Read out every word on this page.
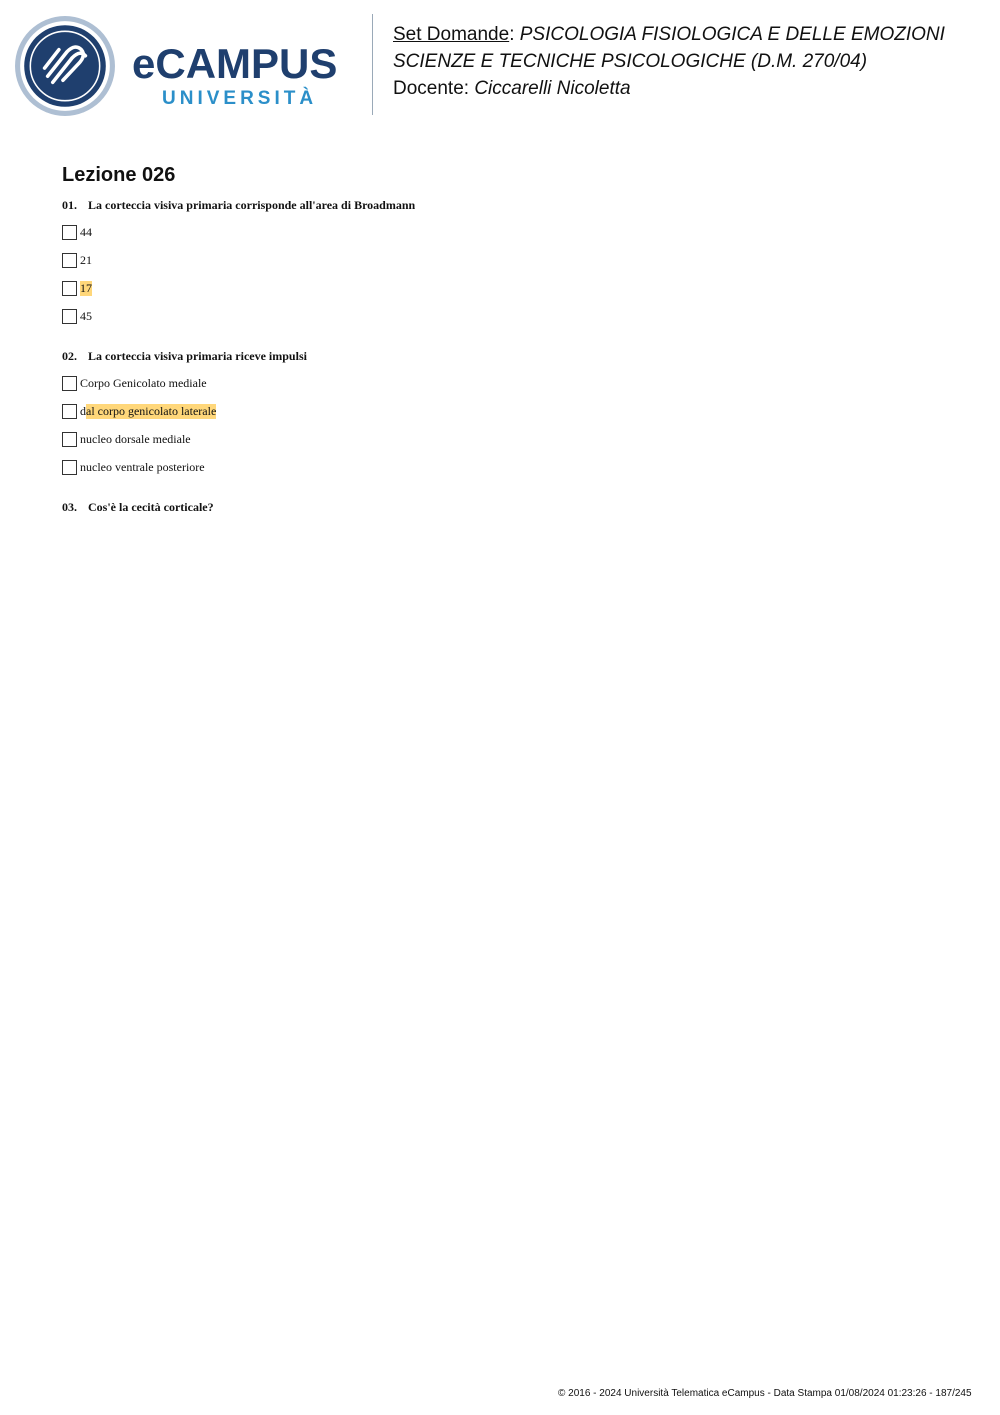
eCAMPUS
UNIVERSITÀ
Set Domande: PSICOLOGIA FISIOLOGICA E DELLE EMOZIONI
SCIENZE E TECNICHE PSICOLOGICHE (D.M. 270/04)
Docente: Ciccarelli Nicoletta
Lezione 026
01. La corteccia visiva primaria corrisponde all'area di Broadmann
44
21
17
45
02. La corteccia visiva primaria riceve impulsi
Corpo Genicolato mediale
d al corpo genicolato laterale
nucleo dorsale mediale
nucleo ventrale posteriore
03. Cos'è la cecità corticale?
© 2016 - 2024 Università Telematica eCampus - Data Stampa 01/08/2024 01:23:26 - 187/245
